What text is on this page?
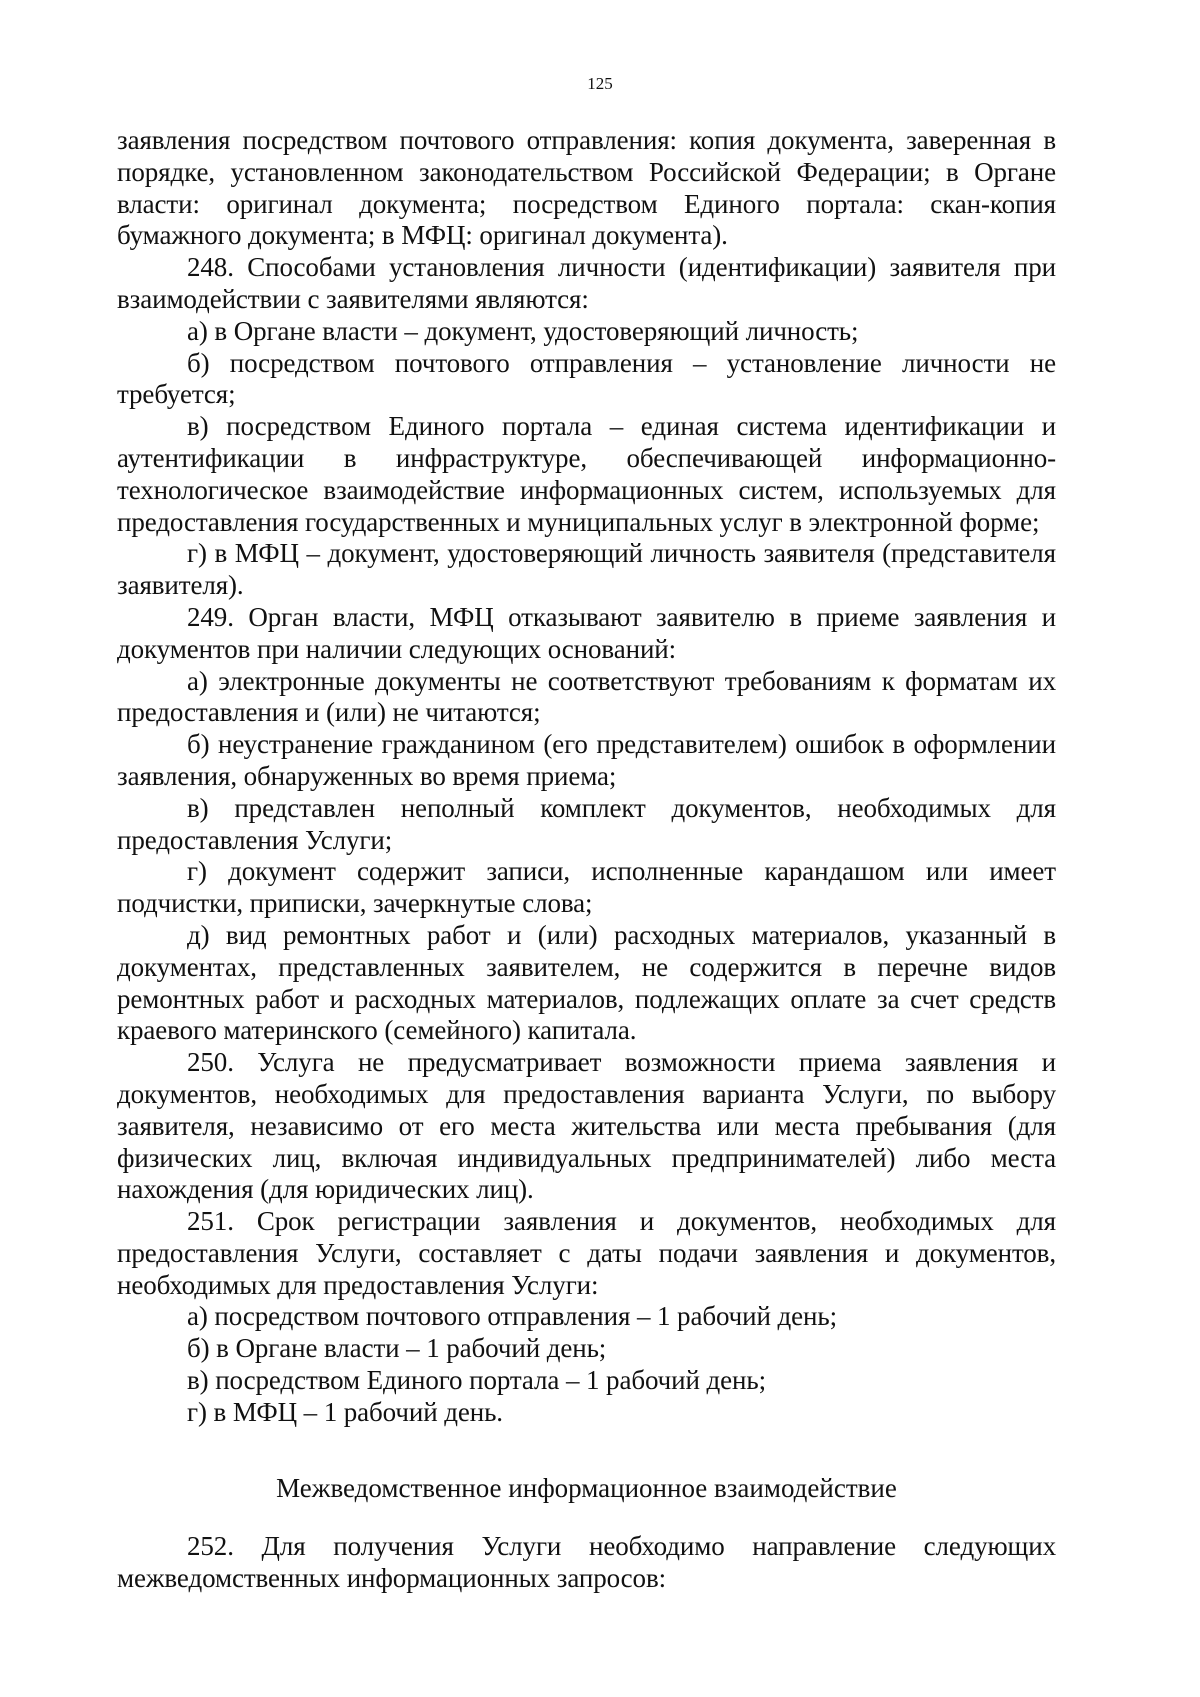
125

заявления посредством почтового отправления: копия документа, заверенная в порядке, установленном законодательством Российской Федерации; в Органе власти: оригинал документа; посредством Единого портала: скан-копия бумажного документа; в МФЦ: оригинал документа).

248. Способами установления личности (идентификации) заявителя при взаимодействии с заявителями являются:

а) в Органе власти – документ, удостоверяющий личность;

б) посредством почтового отправления – установление личности не требуется;

в) посредством Единого портала – единая система идентификации и аутентификации в инфраструктуре, обеспечивающей информационно-технологическое взаимодействие информационных систем, используемых для предоставления государственных и муниципальных услуг в электронной форме;

г) в МФЦ – документ, удостоверяющий личность заявителя (представителя заявителя).

249. Орган власти, МФЦ отказывают заявителю в приеме заявления и документов при наличии следующих оснований:

а) электронные документы не соответствуют требованиям к форматам их предоставления и (или) не читаются;

б) неустранение гражданином (его представителем) ошибок в оформлении заявления, обнаруженных во время приема;

в) представлен неполный комплект документов, необходимых для предоставления Услуги;

г) документ содержит записи, исполненные карандашом или имеет подчистки, приписки, зачеркнутые слова;

д) вид ремонтных работ и (или) расходных материалов, указанный в документах, представленных заявителем, не содержится в перечне видов ремонтных работ и расходных материалов, подлежащих оплате за счет средств краевого материнского (семейного) капитала.

250. Услуга не предусматривает возможности приема заявления и документов, необходимых для предоставления варианта Услуги, по выбору заявителя, независимо от его места жительства или места пребывания (для физических лиц, включая индивидуальных предпринимателей) либо места нахождения (для юридических лиц).

251. Срок регистрации заявления и документов, необходимых для предоставления Услуги, составляет с даты подачи заявления и документов, необходимых для предоставления Услуги:

а) посредством почтового отправления – 1 рабочий день;

б) в Органе власти – 1 рабочий день;

в) посредством Единого портала – 1 рабочий день;

г) в МФЦ – 1 рабочий день.

Межведомственное информационное взаимодействие

252. Для получения Услуги необходимо направление следующих межведомственных информационных запросов:
